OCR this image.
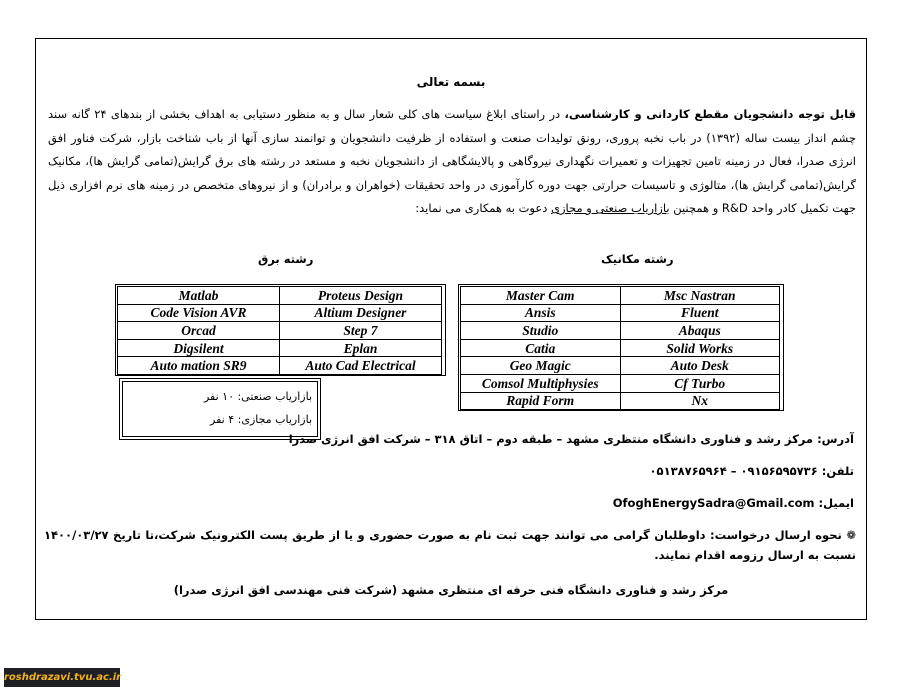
بسمه تعالی
قابل توجه دانشجویان مقطع کاردانی و کارشناسی، در راستای ابلاغ سیاست های کلی شعار سال و به منظور دستیابی به اهداف بخشی از بندهای ۲۴ گانه سند چشم انداز بیست ساله (۱۳۹۲) در باب نخبه پروری، رونق تولیدات صنعت و استفاده از ظرفیت دانشجویان و توانمند سازی آنها از باب شناخت بازار، شرکت فناور افق انرژی صدرا، فعال در زمینه تامین تجهیزات و تعمیرات نگهداری نیروگاهی و پالایشگاهی از دانشجویان نخبه و مستعد در رشته های برق گرایش(تمامی گرایش ها)، مکانیک گرایش(تمامی گرایش ها)، متالوژی و تاسیسات حرارتی جهت دوره کارآموزی در واحد تحقیقات (خواهران و برادران) و از نیروهای متخصص در زمینه های نرم افزاری ذیل جهت تکمیل کادر واحد R&D و همچنین بازاریاب صنعتی و مجازی دعوت به همکاری می نماید:
رشته مکانیک
رشته برق
Master Cam	Msc Nastran
Ansis	Fluent
Studio	Abaqus
Catia	Solid Works
Geo Magic	Auto Desk
Comsol Multiphysies	Cf Turbo
Rapid Form	Nx
Matlab	Proteus Design
Code Vision AVR	Altium Designer
Orcad	Step 7
Digsilent	Eplan
Auto mation SR9	Auto Cad Electrical
بازاریاب صنعتی: ۱۰ نفر
بازاریاب مجازی: ۴ نفر
آدرس: مرکز رشد و فناوری دانشگاه منتظری مشهد – طبقه دوم – اتاق ۳۱۸ – شرکت افق انرژی صدرا
تلفن: ۰۹۱۵۶۵۹۵۷۳۶ – ۰۵۱۳۸۷۶۵۹۶۴
ایمیل: OfoghEnergySadra@Gmail.com
❁ نحوه ارسال درخواست: داوطلبان گرامی می توانند جهت ثبت نام به صورت حضوری و یا از طریق پست الکترونیک شرکت،تا تاریخ ۱۴۰۰/۰۳/۲۷ نسبت به ارسال رزومه اقدام نمایند.
مرکز رشد و فناوری دانشگاه فنی حرفه ای منتظری مشهد (شرکت فنی مهندسی افق انرژی صدرا)
roshdrazavi.tvu.ac.ir
